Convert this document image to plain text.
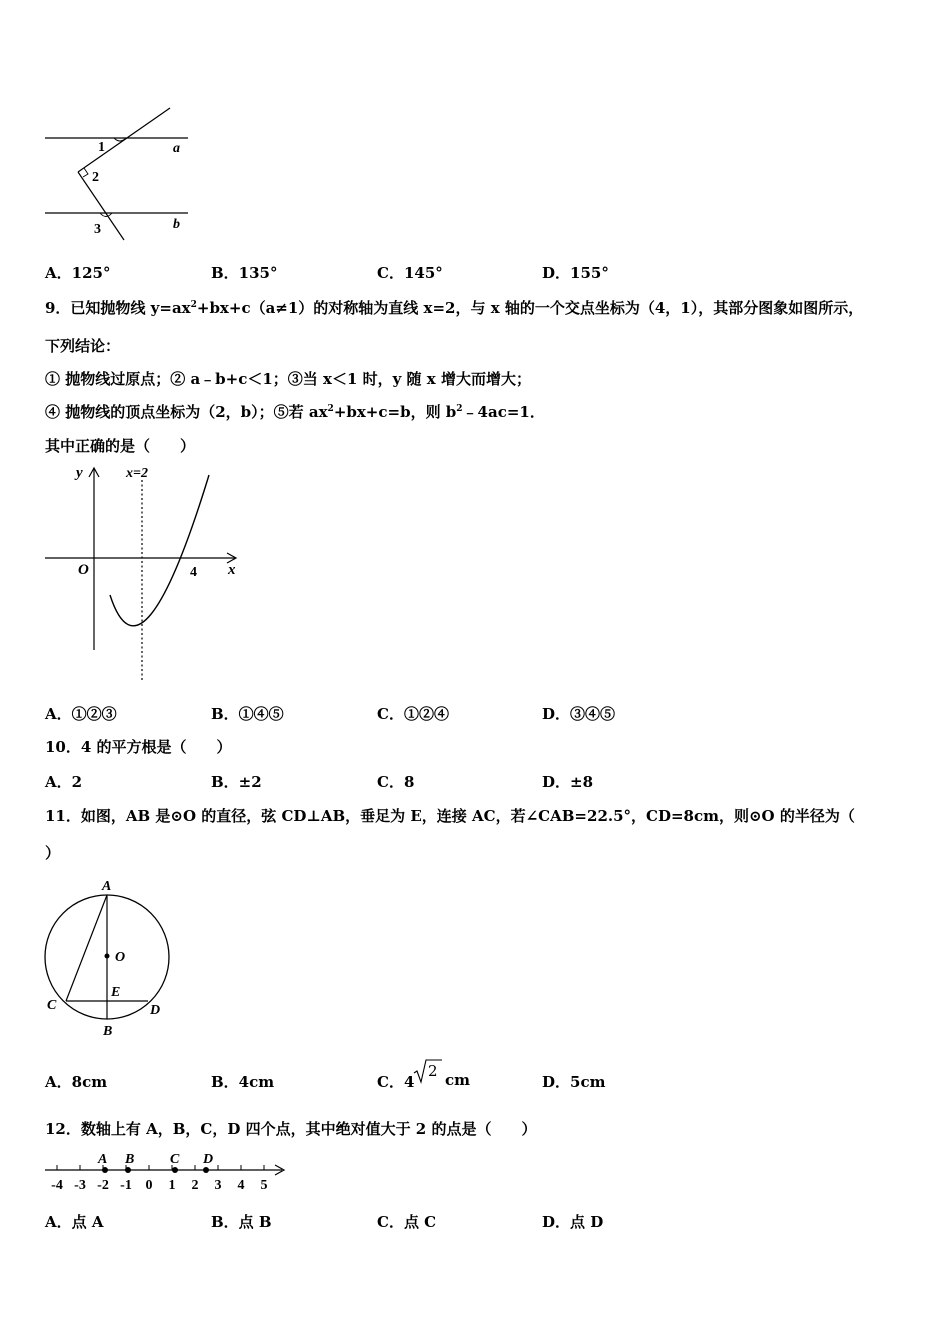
1
2
3
a
b
A．125°	B．135°	C．145°	D．155°
9．已知抛物线 $y=ax^2+bx+c(a\ne 1)$的对称轴为直线 x=2，与 x 轴的一个交点坐标为（4，1），其部分图象如图所示，
下列结论：
① 抛物线过原点；② a﹣b+c＜1；③当 x＜1 时，y 随 x 增大而增大；
④ 抛物线的顶点坐标为（2，b）；⑤若 $ax^2+bx+c=b$，则 $b^2﹣4ac=1$．
其中正确的是（　　）
y	x=2
O	4 x
A．①②③	B．①④⑤	C．①②④	D．③④⑤
10．4 的平方根是（　　）
A．2	B．±2	C．8	D．±8
11．如图，AB 是⊙O 的直径，弦 CD⊥AB，垂足为 E，连接 AC，若∠CAB=22.5°，CD=8cm，则⊙O 的半径为（
）
A
O
E
C	D
B
A．8cm	B．4cm	C．4
2 cm	D．5cm
12．数轴上有 A，B，C，D 四个点，其中绝对值大于 2 的点是（　　）
-4 -3 -2 -1 0 1 2 3 4 5
A B	C D
A．点 A	B．点 B	C．点 C	D．点 D
